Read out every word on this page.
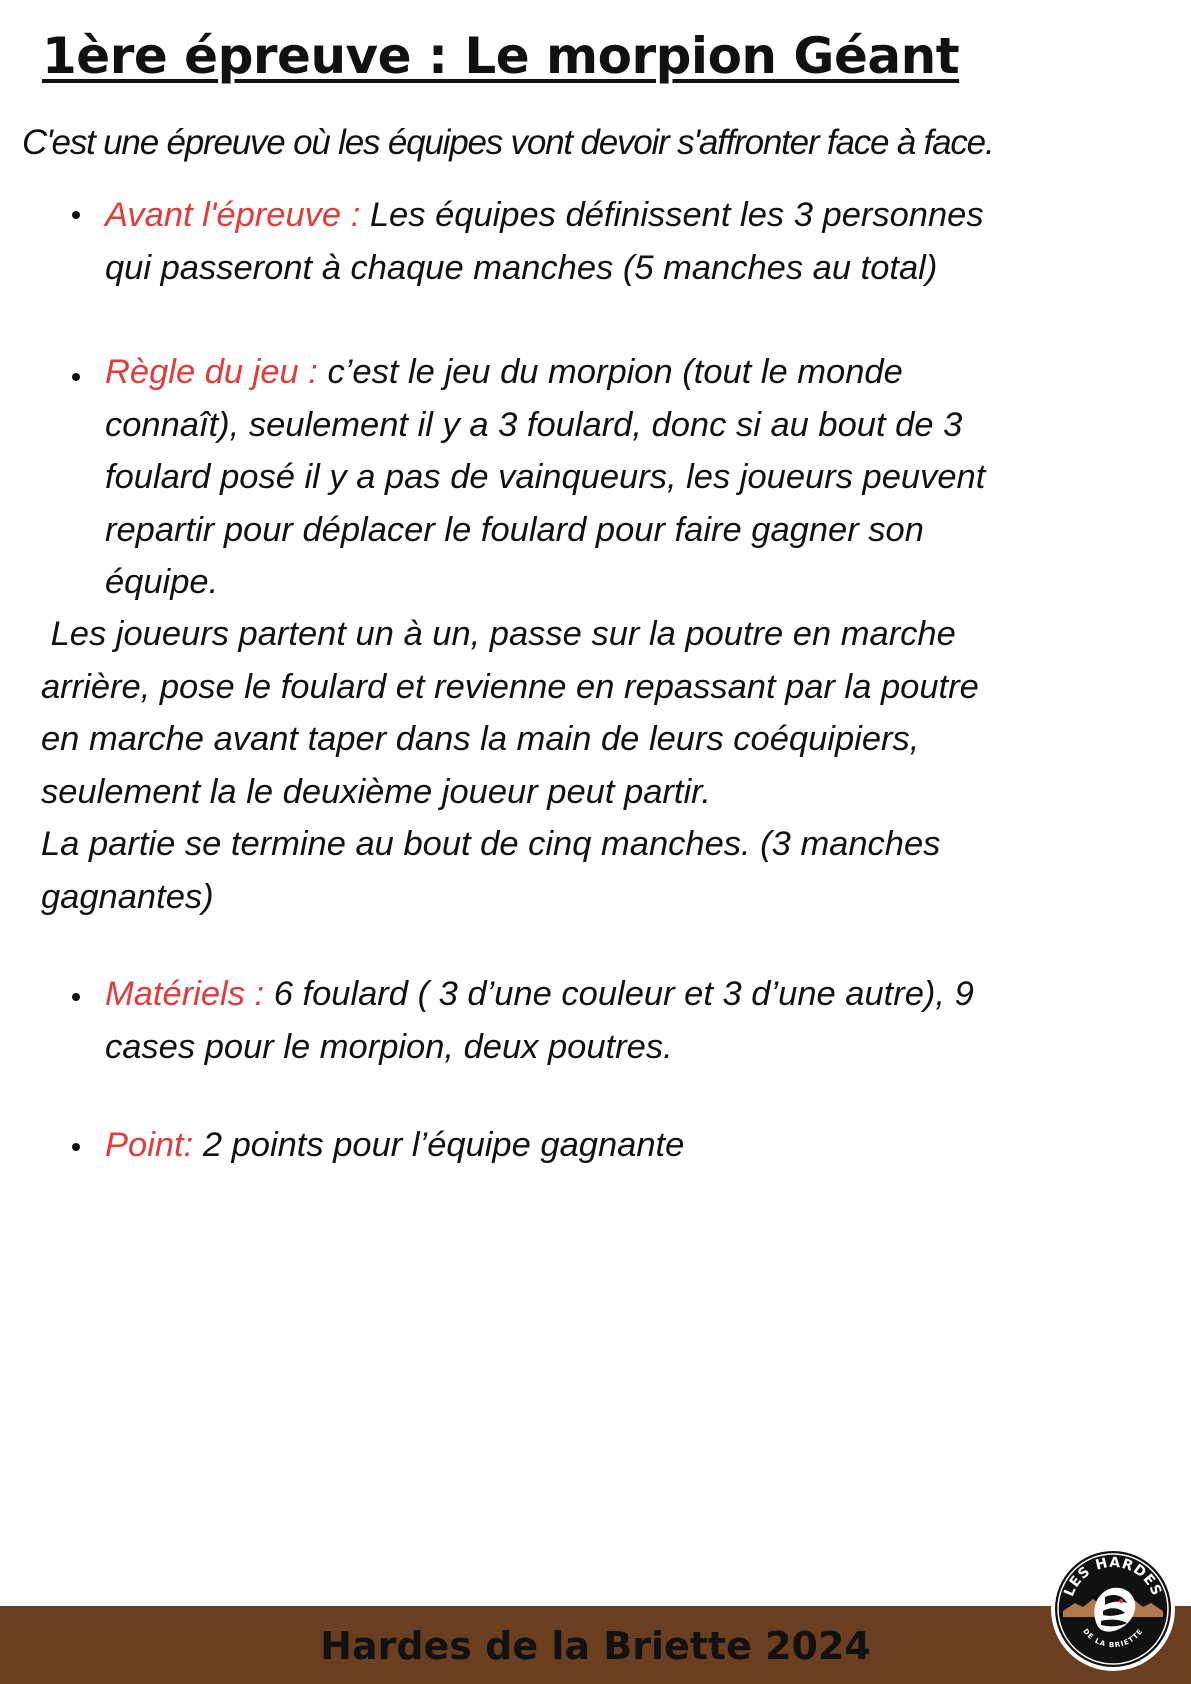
1ère épreuve : Le morpion Géant

C'est une épreuve où les équipes vont devoir s'affronter face à face.

Avant l'épreuve : Les équipes définissent les 3 personnes
qui passeront à chaque manches (5 manches au total)

Règle du jeu : c’est le jeu du morpion (tout le monde
connaît), seulement il y a 3 foulard, donc si au bout de 3
foulard posé il y a pas de vainqueurs, les joueurs peuvent
repartir pour déplacer le foulard pour faire gagner son
équipe.

Les joueurs partent un à un, passe sur la poutre en marche
arrière, pose le foulard et revienne en repassant par la poutre
en marche avant taper dans la main de leurs coéquipiers,
seulement la le deuxième joueur peut partir.
La partie se termine au bout de cinq manches. (3 manches
gagnantes)

Matériels : 6 foulard ( 3 d’une couleur et 3 d’une autre), 9
cases pour le morpion, deux poutres.

Point: 2 points pour l’équipe gagnante

Hardes de la Briette 2024
LES HARDES
DE LA BRIETTE
